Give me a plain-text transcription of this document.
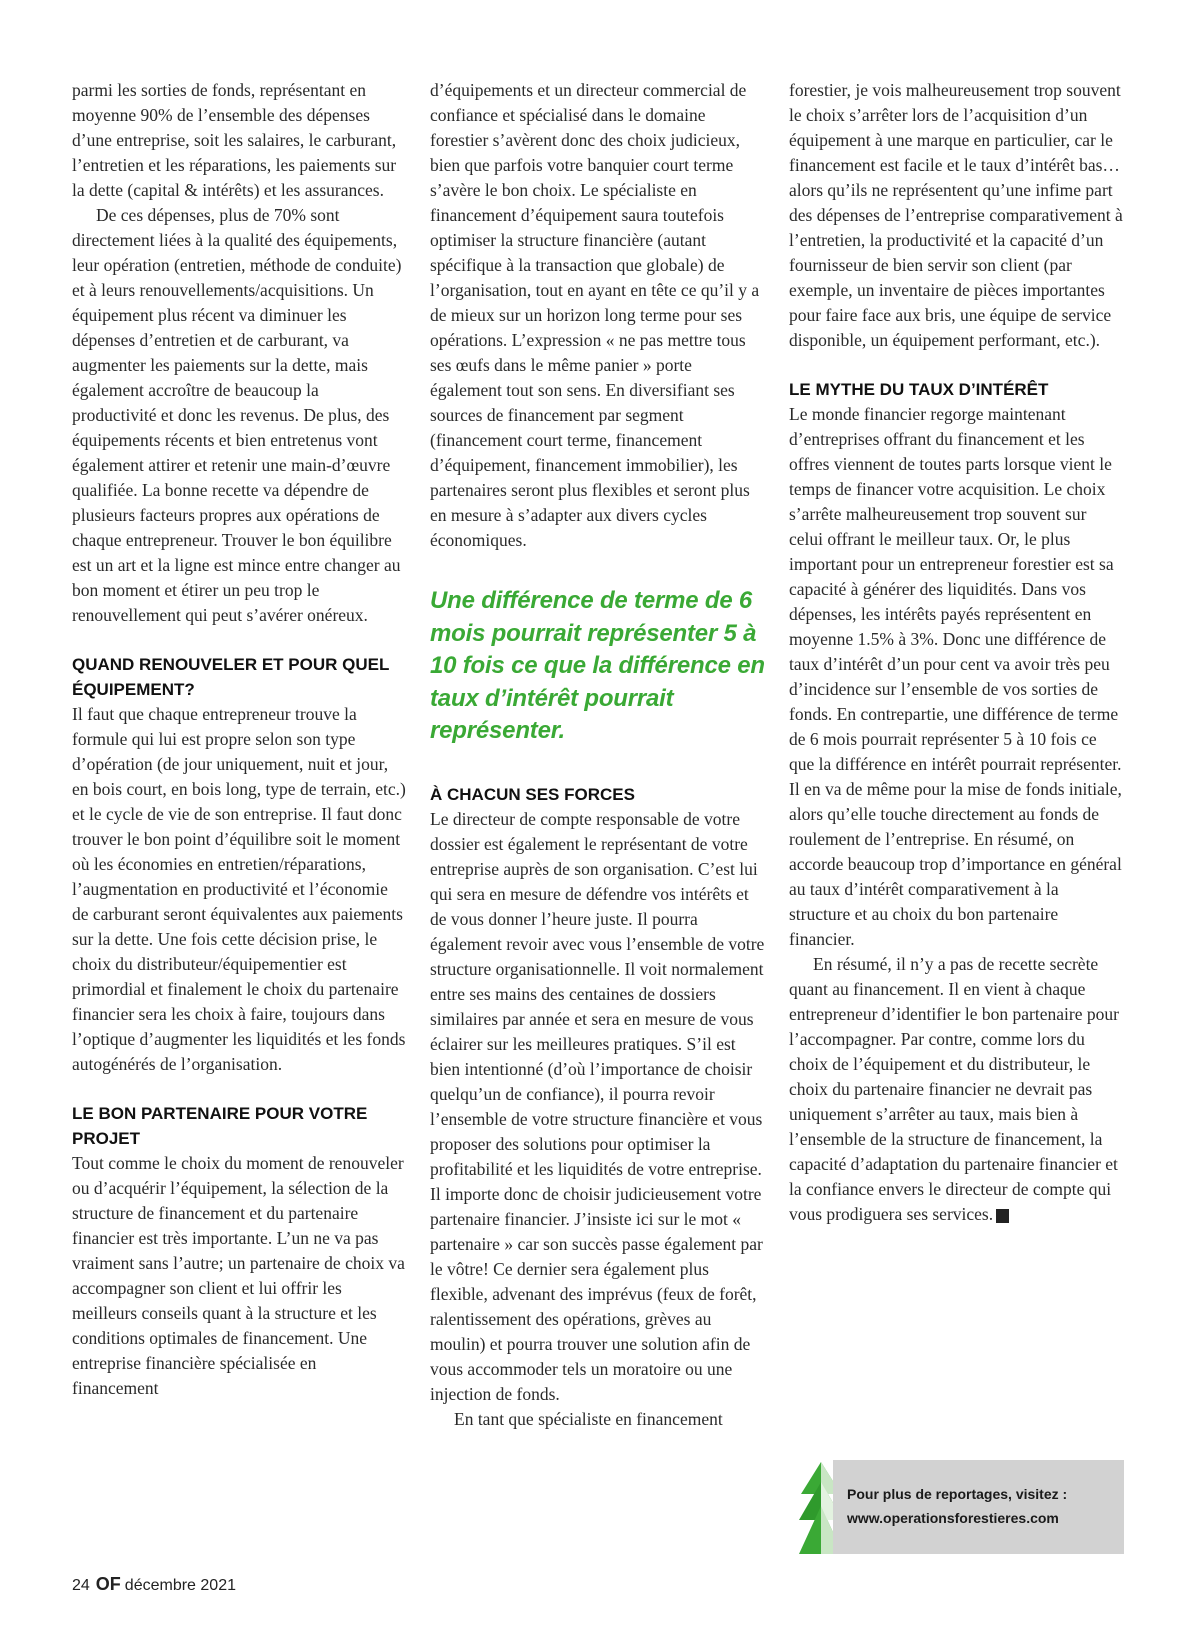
parmi les sorties de fonds, représentant en moyenne 90% de l’ensemble des dépenses d’une entreprise, soit les salaires, le carburant, l’entretien et les réparations, les paiements sur la dette (capital & intérêts) et les assurances.

De ces dépenses, plus de 70% sont directement liées à la qualité des équipements, leur opération (entretien, méthode de conduite) et à leurs renouvellements/acquisitions. Un équipement plus récent va diminuer les dépenses d’entretien et de carburant, va augmenter les paiements sur la dette, mais également accroître de beaucoup la productivité et donc les revenus. De plus, des équipements récents et bien entretenus vont également attirer et retenir une main-d’œuvre qualifiée. La bonne recette va dépendre de plusieurs facteurs propres aux opérations de chaque entrepreneur. Trouver le bon équilibre est un art et la ligne est mince entre changer au bon moment et étirer un peu trop le renouvellement qui peut s’avérer onéreux.

QUAND RENOUVELER ET POUR QUEL ÉQUIPEMENT?

Il faut que chaque entrepreneur trouve la formule qui lui est propre selon son type d’opération (de jour uniquement, nuit et jour, en bois court, en bois long, type de terrain, etc.) et le cycle de vie de son entreprise. Il faut donc trouver le bon point d’équilibre soit le moment où les économies en entretien/réparations, l’augmentation en productivité et l’économie de carburant seront équivalentes aux paiements sur la dette. Une fois cette décision prise, le choix du distributeur/équipementier est primordial et finalement le choix du partenaire financier sera les choix à faire, toujours dans l’optique d’augmenter les liquidités et les fonds autogénérés de l’organisation.

LE BON PARTENAIRE POUR VOTRE PROJET

Tout comme le choix du moment de renouveler ou d’acquérir l’équipement, la sélection de la structure de financement et du partenaire financier est très importante. L’un ne va pas vraiment sans l’autre; un partenaire de choix va accompagner son client et lui offrir les meilleurs conseils quant à la structure et les conditions optimales de financement. Une entreprise financière spécialisée en financement

d’équipements et un directeur commercial de confiance et spécialisé dans le domaine forestier s’avèrent donc des choix judicieux, bien que parfois votre banquier court terme s’avère le bon choix. Le spécialiste en financement d’équipement saura toutefois optimiser la structure financière (autant spécifique à la transaction que globale) de l’organisation, tout en ayant en tête ce qu’il y a de mieux sur un horizon long terme pour ses opérations. L’expression « ne pas mettre tous ses œufs dans le même panier » porte également tout son sens. En diversifiant ses sources de financement par segment (financement court terme, financement d’équipement, financement immobilier), les partenaires seront plus flexibles et seront plus en mesure à s’adapter aux divers cycles économiques.

Une différence de terme de 6 mois pourrait représenter 5 à 10 fois ce que la différence en taux d’intérêt pourrait représenter.

À CHACUN SES FORCES

Le directeur de compte responsable de votre dossier est également le représentant de votre entreprise auprès de son organisation. C’est lui qui sera en mesure de défendre vos intérêts et de vous donner l’heure juste. Il pourra également revoir avec vous l’ensemble de votre structure organisationnelle. Il voit normalement entre ses mains des centaines de dossiers similaires par année et sera en mesure de vous éclairer sur les meilleures pratiques. S’il est bien intentionné (d’où l’importance de choisir quelqu’un de confiance), il pourra revoir l’ensemble de votre structure financière et vous proposer des solutions pour optimiser la profitabilité et les liquidités de votre entreprise. Il importe donc de choisir judicieusement votre partenaire financier. J’insiste ici sur le mot « partenaire » car son succès passe également par le vôtre! Ce dernier sera également plus flexible, advenant des imprévus (feux de forêt, ralentissement des opérations, grèves au moulin) et pourra trouver une solution afin de vous accommoder tels un moratoire ou une injection de fonds.

En tant que spécialiste en financement

forestier, je vois malheureusement trop souvent le choix s’arrêter lors de l’acquisition d’un équipement à une marque en particulier, car le financement est facile et le taux d’intérêt bas… alors qu’ils ne représentent qu’une infime part des dépenses de l’entreprise comparativement à l’entretien, la productivité et la capacité d’un fournisseur de bien servir son client (par exemple, un inventaire de pièces importantes pour faire face aux bris, une équipe de service disponible, un équipement performant, etc.).

LE MYTHE DU TAUX D’INTÉRÊT

Le monde financier regorge maintenant d’entreprises offrant du financement et les offres viennent de toutes parts lorsque vient le temps de financer votre acquisition. Le choix s’arrête malheureusement trop souvent sur celui offrant le meilleur taux. Or, le plus important pour un entrepreneur forestier est sa capacité à générer des liquidités. Dans vos dépenses, les intérêts payés représentent en moyenne 1.5% à 3%. Donc une différence de taux d’intérêt d’un pour cent va avoir très peu d’incidence sur l’ensemble de vos sorties de fonds. En contrepartie, une différence de terme de 6 mois pourrait représenter 5 à 10 fois ce que la différence en intérêt pourrait représenter. Il en va de même pour la mise de fonds initiale, alors qu’elle touche directement au fonds de roulement de l’entreprise. En résumé, on accorde beaucoup trop d’importance en général au taux d’intérêt comparativement à la structure et au choix du bon partenaire financier.

En résumé, il n’y a pas de recette secrète quant au financement. Il en vient à chaque entrepreneur d’identifier le bon partenaire pour l’accompagner. Par contre, comme lors du choix de l’équipement et du distributeur, le choix du partenaire financier ne devrait pas uniquement s’arrêter au taux, mais bien à l’ensemble de la structure de financement, la capacité d’adaptation du partenaire financier et la confiance envers le directeur de compte qui vous prodiguera ses services.	OF

Pour plus de reportages, visitez :
www.operationsforestieres.com
24 OF décembre 2021
